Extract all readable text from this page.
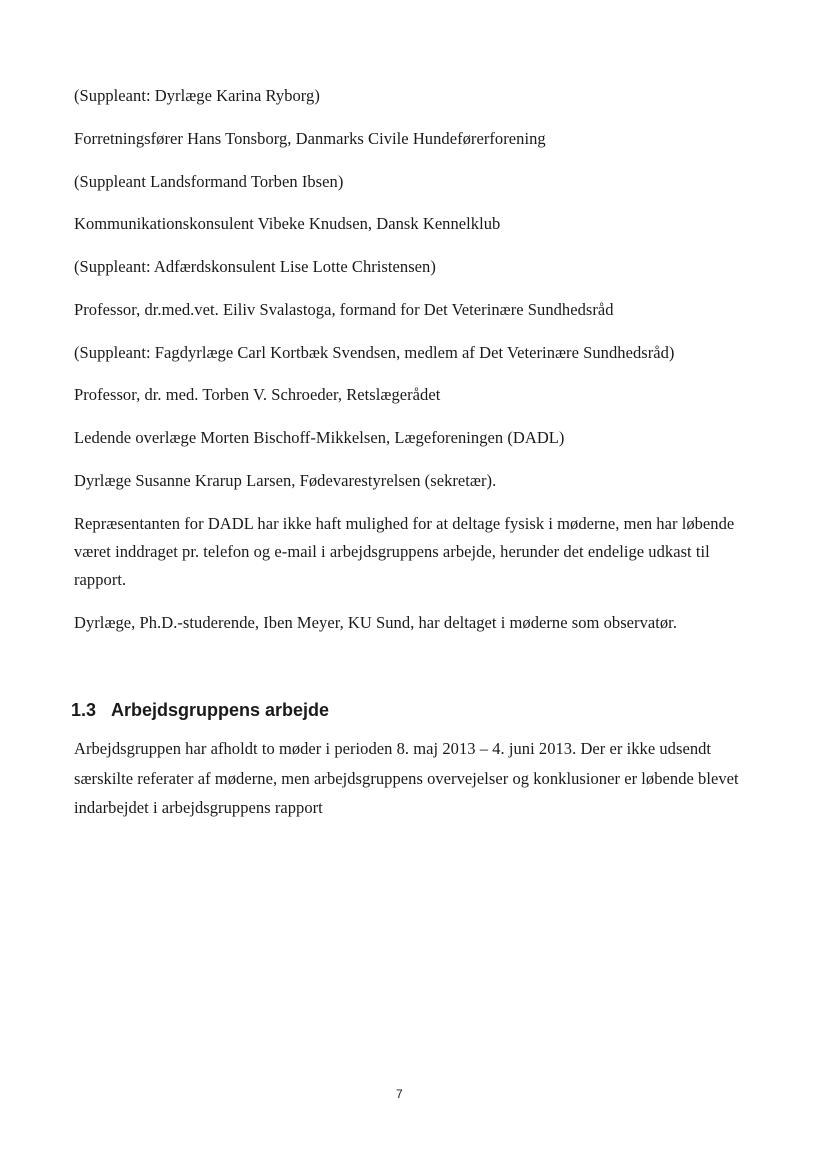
(Suppleant: Dyrlæge Karina Ryborg)

Forretningsfører Hans Tonsborg, Danmarks Civile Hundeførerforening

(Suppleant Landsformand Torben Ibsen)

Kommunikationskonsulent Vibeke Knudsen, Dansk Kennelklub

(Suppleant: Adfærdskonsulent Lise Lotte Christensen)

Professor, dr.med.vet. Eiliv Svalastoga, formand for Det Veterinære Sundhedsråd

(Suppleant: Fagdyrlæge Carl Kortbæk Svendsen, medlem af Det Veterinære Sundhedsråd)

Professor, dr. med. Torben V. Schroeder, Retslægerådet

Ledende overlæge Morten Bischoff-Mikkelsen, Lægeforeningen (DADL)

Dyrlæge Susanne Krarup Larsen, Fødevarestyrelsen (sekretær).

Repræsentanten for DADL har ikke haft mulighed for at deltage fysisk i møderne, men har løbende

været inddraget pr. telefon og e-mail i arbejdsgruppens arbejde, herunder det endelige udkast til

rapport.

Dyrlæge, Ph.D.-studerende, Iben Meyer, KU Sund, har deltaget i møderne som observatør.

1.3 Arbejdsgruppens arbejde

Arbejdsgruppen har afholdt to møder i perioden 8. maj 2013 – 4. juni 2013. Der er ikke udsendt

særskilte referater af møderne, men arbejdsgruppens overvejelser og konklusioner er løbende blevet

indarbejdet i arbejdsgruppens rapport

7
